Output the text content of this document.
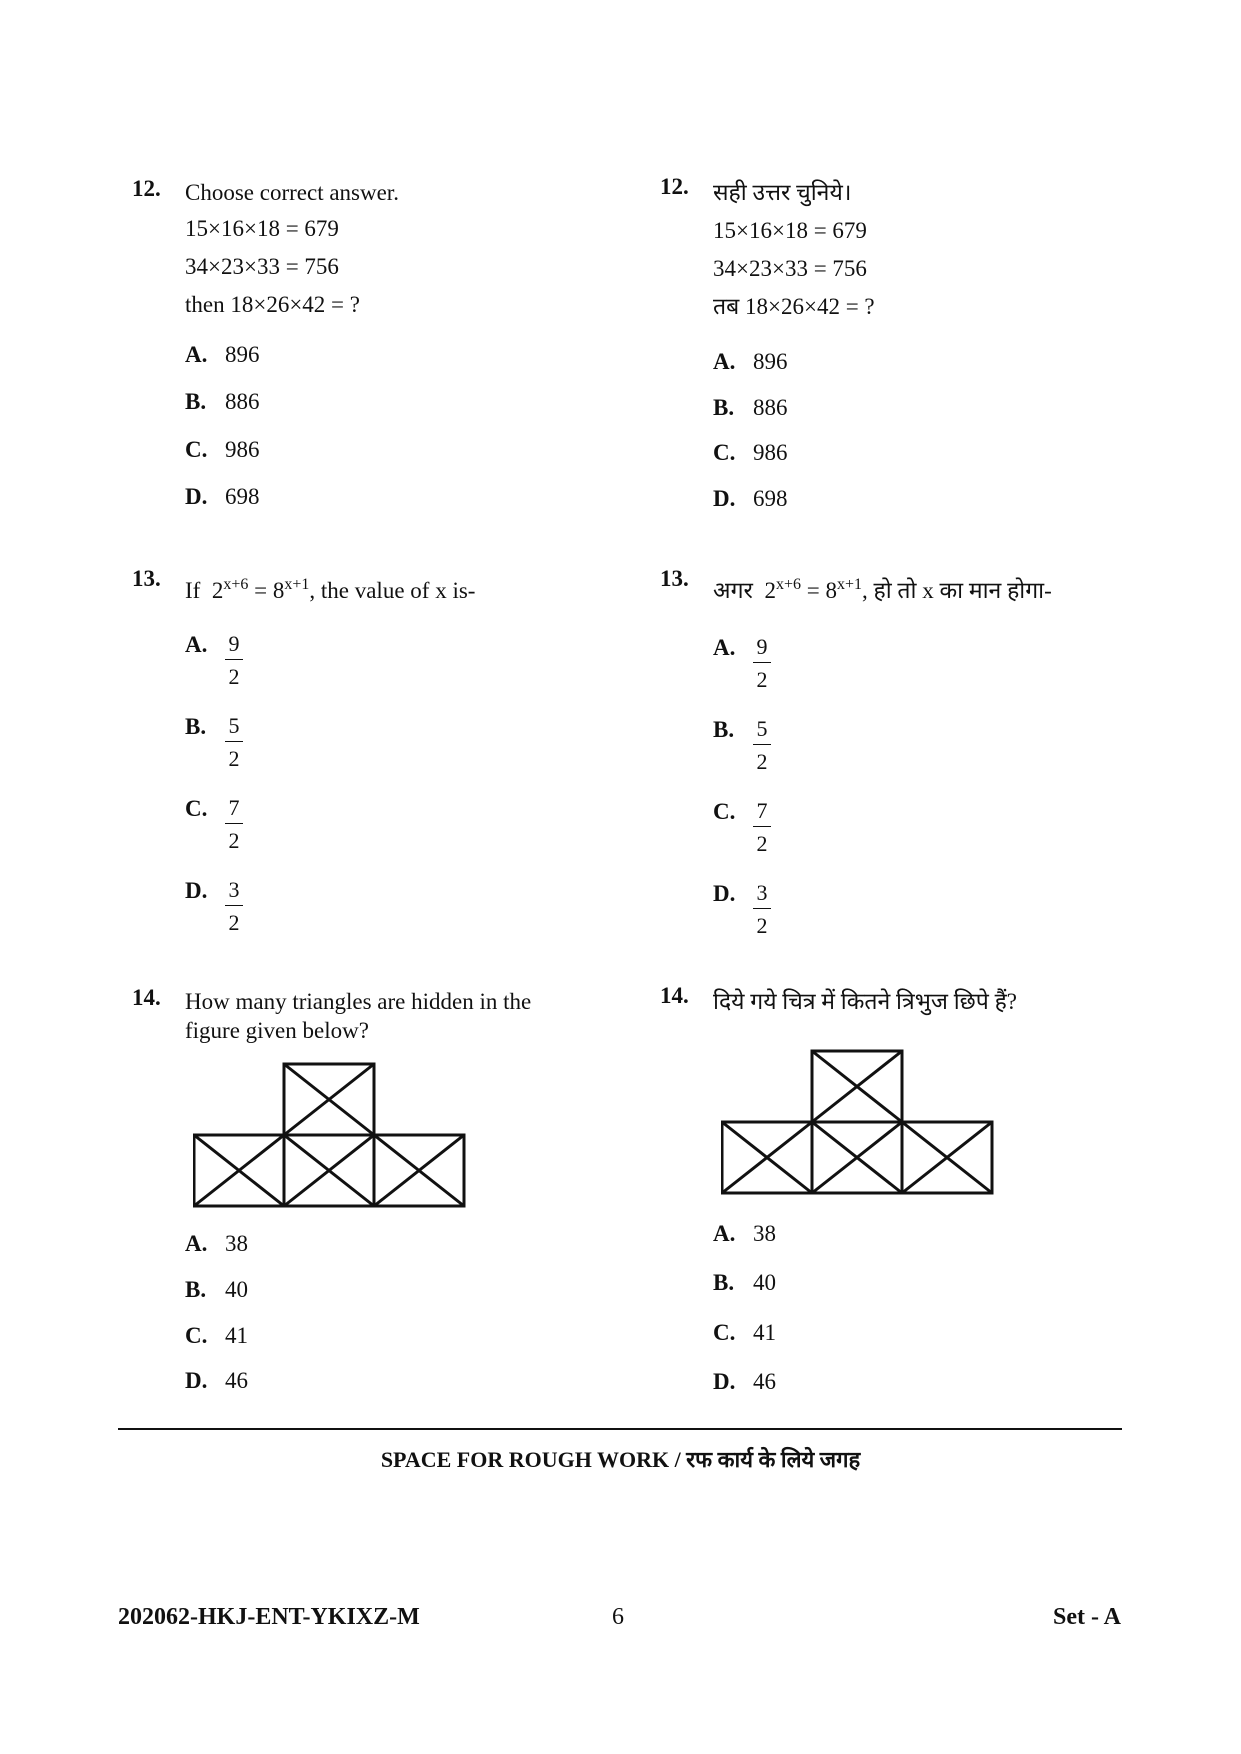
12. Choose correct answer.
15×16×18 = 679
34×23×33 = 756
then 18×26×42 = ?
A. 896
B. 886
C. 986
D. 698
13. If $2^{x+6} = 8^{x+1}$, the value of x is-
A. $\frac{9}{2}$
B. $\frac{5}{2}$
C. $\frac{7}{2}$
D. $\frac{3}{2}$
14. How many triangles are hidden in the
figure given below?
A. 38
B. 40
C. 41
D. 46
12. सही उत्तर चुनिये।
15×16×18 = 679
34×23×33 = 756
तब 18×26×42 = ?
A. 896
B. 886
C. 986
D. 698
13. अगर $2^{x+6} = 8^{x+1}$, हो तो x का मान होगा-
A. $\frac{9}{2}$
B. $\frac{5}{2}$
C. $\frac{7}{2}$
D. $\frac{3}{2}$
14. दिये गये चित्र में कितने त्रिभुज छिपे हैं?
A. 38
B. 40
C. 41
D. 46
SPACE FOR ROUGH WORK / रफ कार्य के लिये जगह
202062-HKJ-ENT-YKIXZ-M	6	Set - A
